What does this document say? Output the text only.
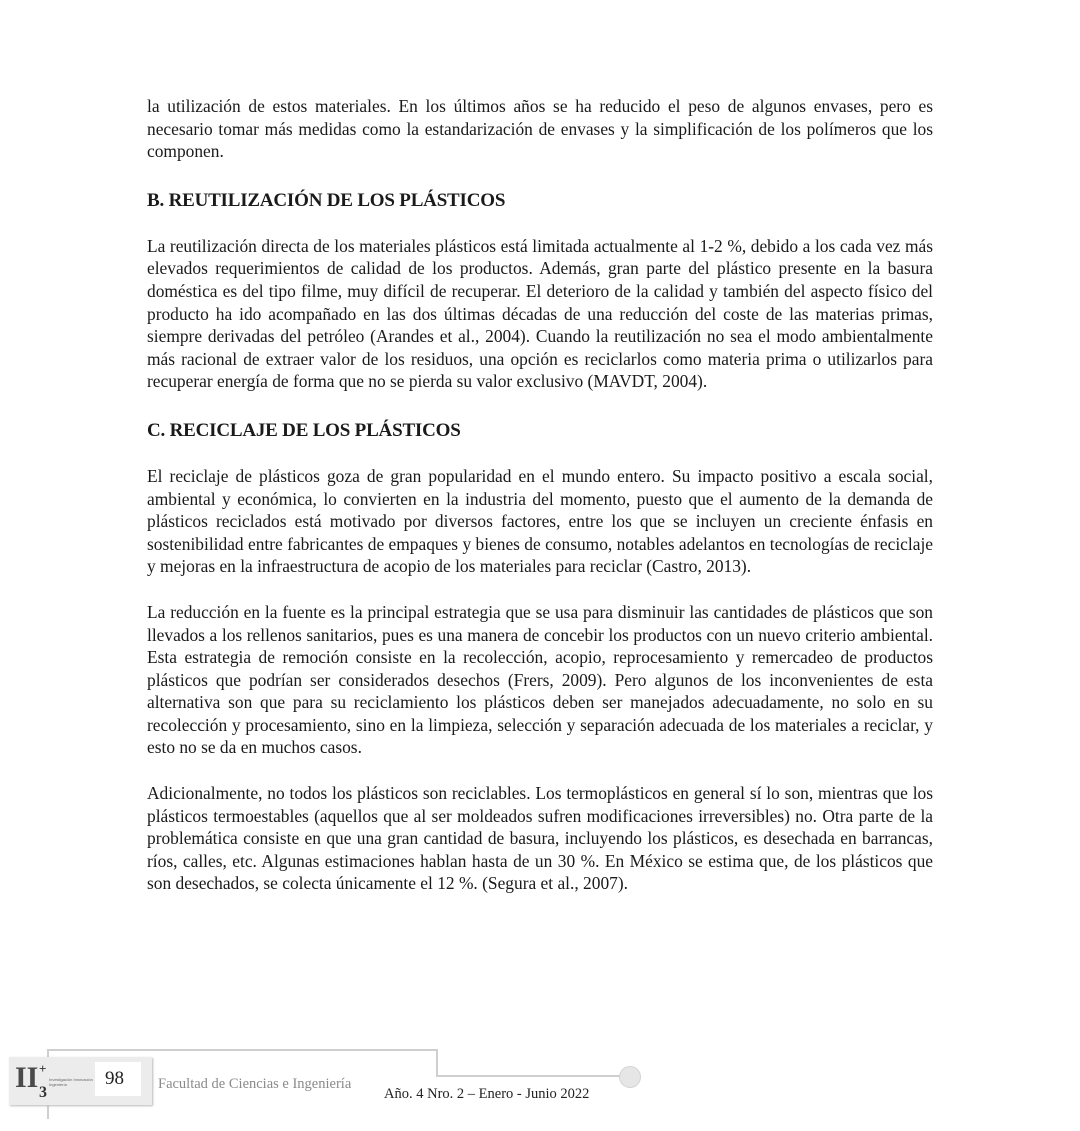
la utilización de estos materiales. En los últimos años se ha reducido el peso de algunos envases, pero es necesario tomar más medidas como la estandarización de envases y la simplificación de los polímeros que los componen.

B. REUTILIZACIÓN DE LOS PLÁSTICOS

La reutilización directa de los materiales plásticos está limitada actualmente al 1-2 %, debido a los cada vez más elevados requerimientos de calidad de los productos. Además, gran parte del plástico presente en la basura doméstica es del tipo filme, muy difícil de recuperar. El deterioro de la calidad y también del aspecto físico del producto ha ido acompañado en las dos últimas décadas de una reducción del coste de las materias primas, siempre derivadas del petróleo (Arandes et al., 2004). Cuando la reutilización no sea el modo ambientalmente más racional de extraer valor de los residuos, una opción es reciclarlos como materia prima o utilizarlos para recuperar energía de forma que no se pierda su valor exclusivo (MAVDT, 2004).

C. RECICLAJE DE LOS PLÁSTICOS

El reciclaje de plásticos goza de gran popularidad en el mundo entero. Su impacto positivo a escala social, ambiental y económica, lo convierten en la industria del momento, puesto que el aumento de la demanda de plásticos reciclados está motivado por diversos factores, entre los que se incluyen un creciente énfasis en sostenibilidad entre fabricantes de empaques y bienes de consumo, notables adelantos en tecnologías de reciclaje y mejoras en la infraestructura de acopio de los materiales para reciclar (Castro, 2013).

La reducción en la fuente es la principal estrategia que se usa para disminuir las cantidades de plásticos que son llevados a los rellenos sanitarios, pues es una manera de concebir los productos con un nuevo criterio ambiental. Esta estrategia de remoción consiste en la recolección, acopio, reprocesamiento y remercadeo de productos plásticos que podrían ser considerados desechos (Frers, 2009). Pero algunos de los inconvenientes de esta alternativa son que para su reciclamiento los plásticos deben ser manejados adecuadamente, no solo en su recolección y procesamiento, sino en la limpieza, selección y separación adecuada de los materiales a reciclar, y esto no se da en muchos casos.

Adicionalmente, no todos los plásticos son reciclables. Los termoplásticos en general sí lo son, mientras que los plásticos termoestables (aquellos que al ser moldeados sufren modificaciones irreversibles) no. Otra parte de la problemática consiste en que una gran cantidad de basura, incluyendo los plásticos, es desechada en barrancas, ríos, calles, etc. Algunas estimaciones hablan hasta de un 30 %. En México se estima que, de los plásticos que son desechados, se colecta únicamente el 12 %. (Segura et al., 2007).

II +
3
Investigación Innovación Ingeniería	98 Facultad de Ciencias e Ingeniería
Año. 4 Nro. 2 – Enero - Junio 2022
